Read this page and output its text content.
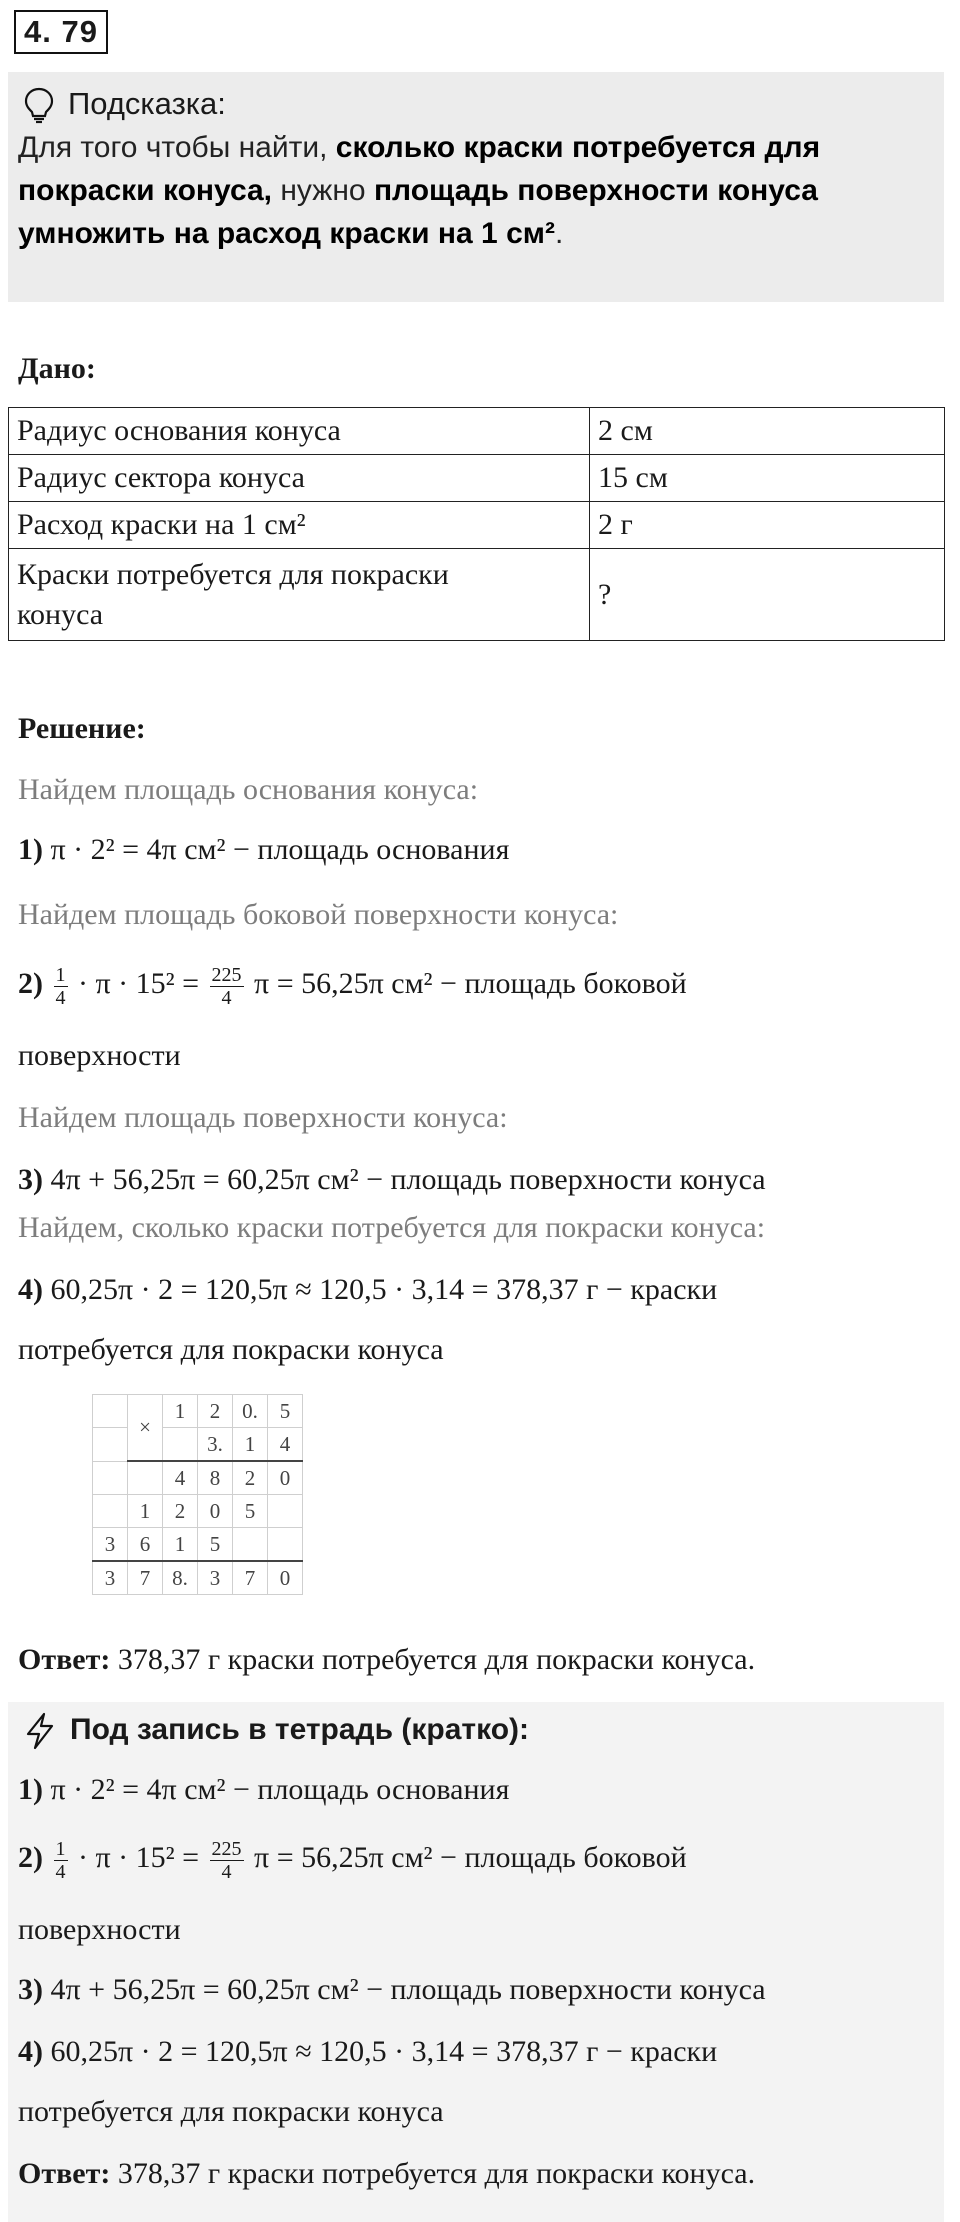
4. 79
Подсказка:
Для того чтобы найти, сколько краски потребуется для покраски конуса, нужно площадь поверхности конуса умножить на расход краски на 1 см².
Дано:
Радиус основания конуса	2 см
Радиус сектора конуса	15 см
Расход краски на 1 см²	2 г
Краски потребуется для покраски конуса	?
Решение:
Найдем площадь основания конуса:
1) π · 2² = 4π см² − площадь основания
Найдем площадь боковой поверхности конуса:
$2) \frac{1}{4} \cdot \pi \cdot 15^2 = \frac{225}{4}$ π = 56,25π см² − площадь боковой
поверхности
Найдем площадь поверхности конуса:
3) 4π + 56,25π = 60,25π см² − площадь поверхности конуса
Найдем, сколько краски потребуется для покраски конуса:
4) 60,25π · 2 = 120,5π ≈ 120,5 · 3,14 = 378,37 г − краски
потребуется для покраски конуса
	×	1	2	0.	5
			3.	1	4
		4	8	2	0
	1	2	0	5	
3	6	1	5		
3	7	8.	3	7	0
Ответ: 378,37 г краски потребуется для покраски конуса.
Под запись в тетрадь (кратко):
1) π · 2² = 4π см² − площадь основания
$2) \frac{1}{4} \cdot \pi \cdot 15^2 = \frac{225}{4}$ π = 56,25π см² − площадь боковой
поверхности
3) 4π + 56,25π = 60,25π см² − площадь поверхности конуса
4) 60,25π · 2 = 120,5π ≈ 120,5 · 3,14 = 378,37 г − краски
потребуется для покраски конуса
Ответ: 378,37 г краски потребуется для покраски конуса.
